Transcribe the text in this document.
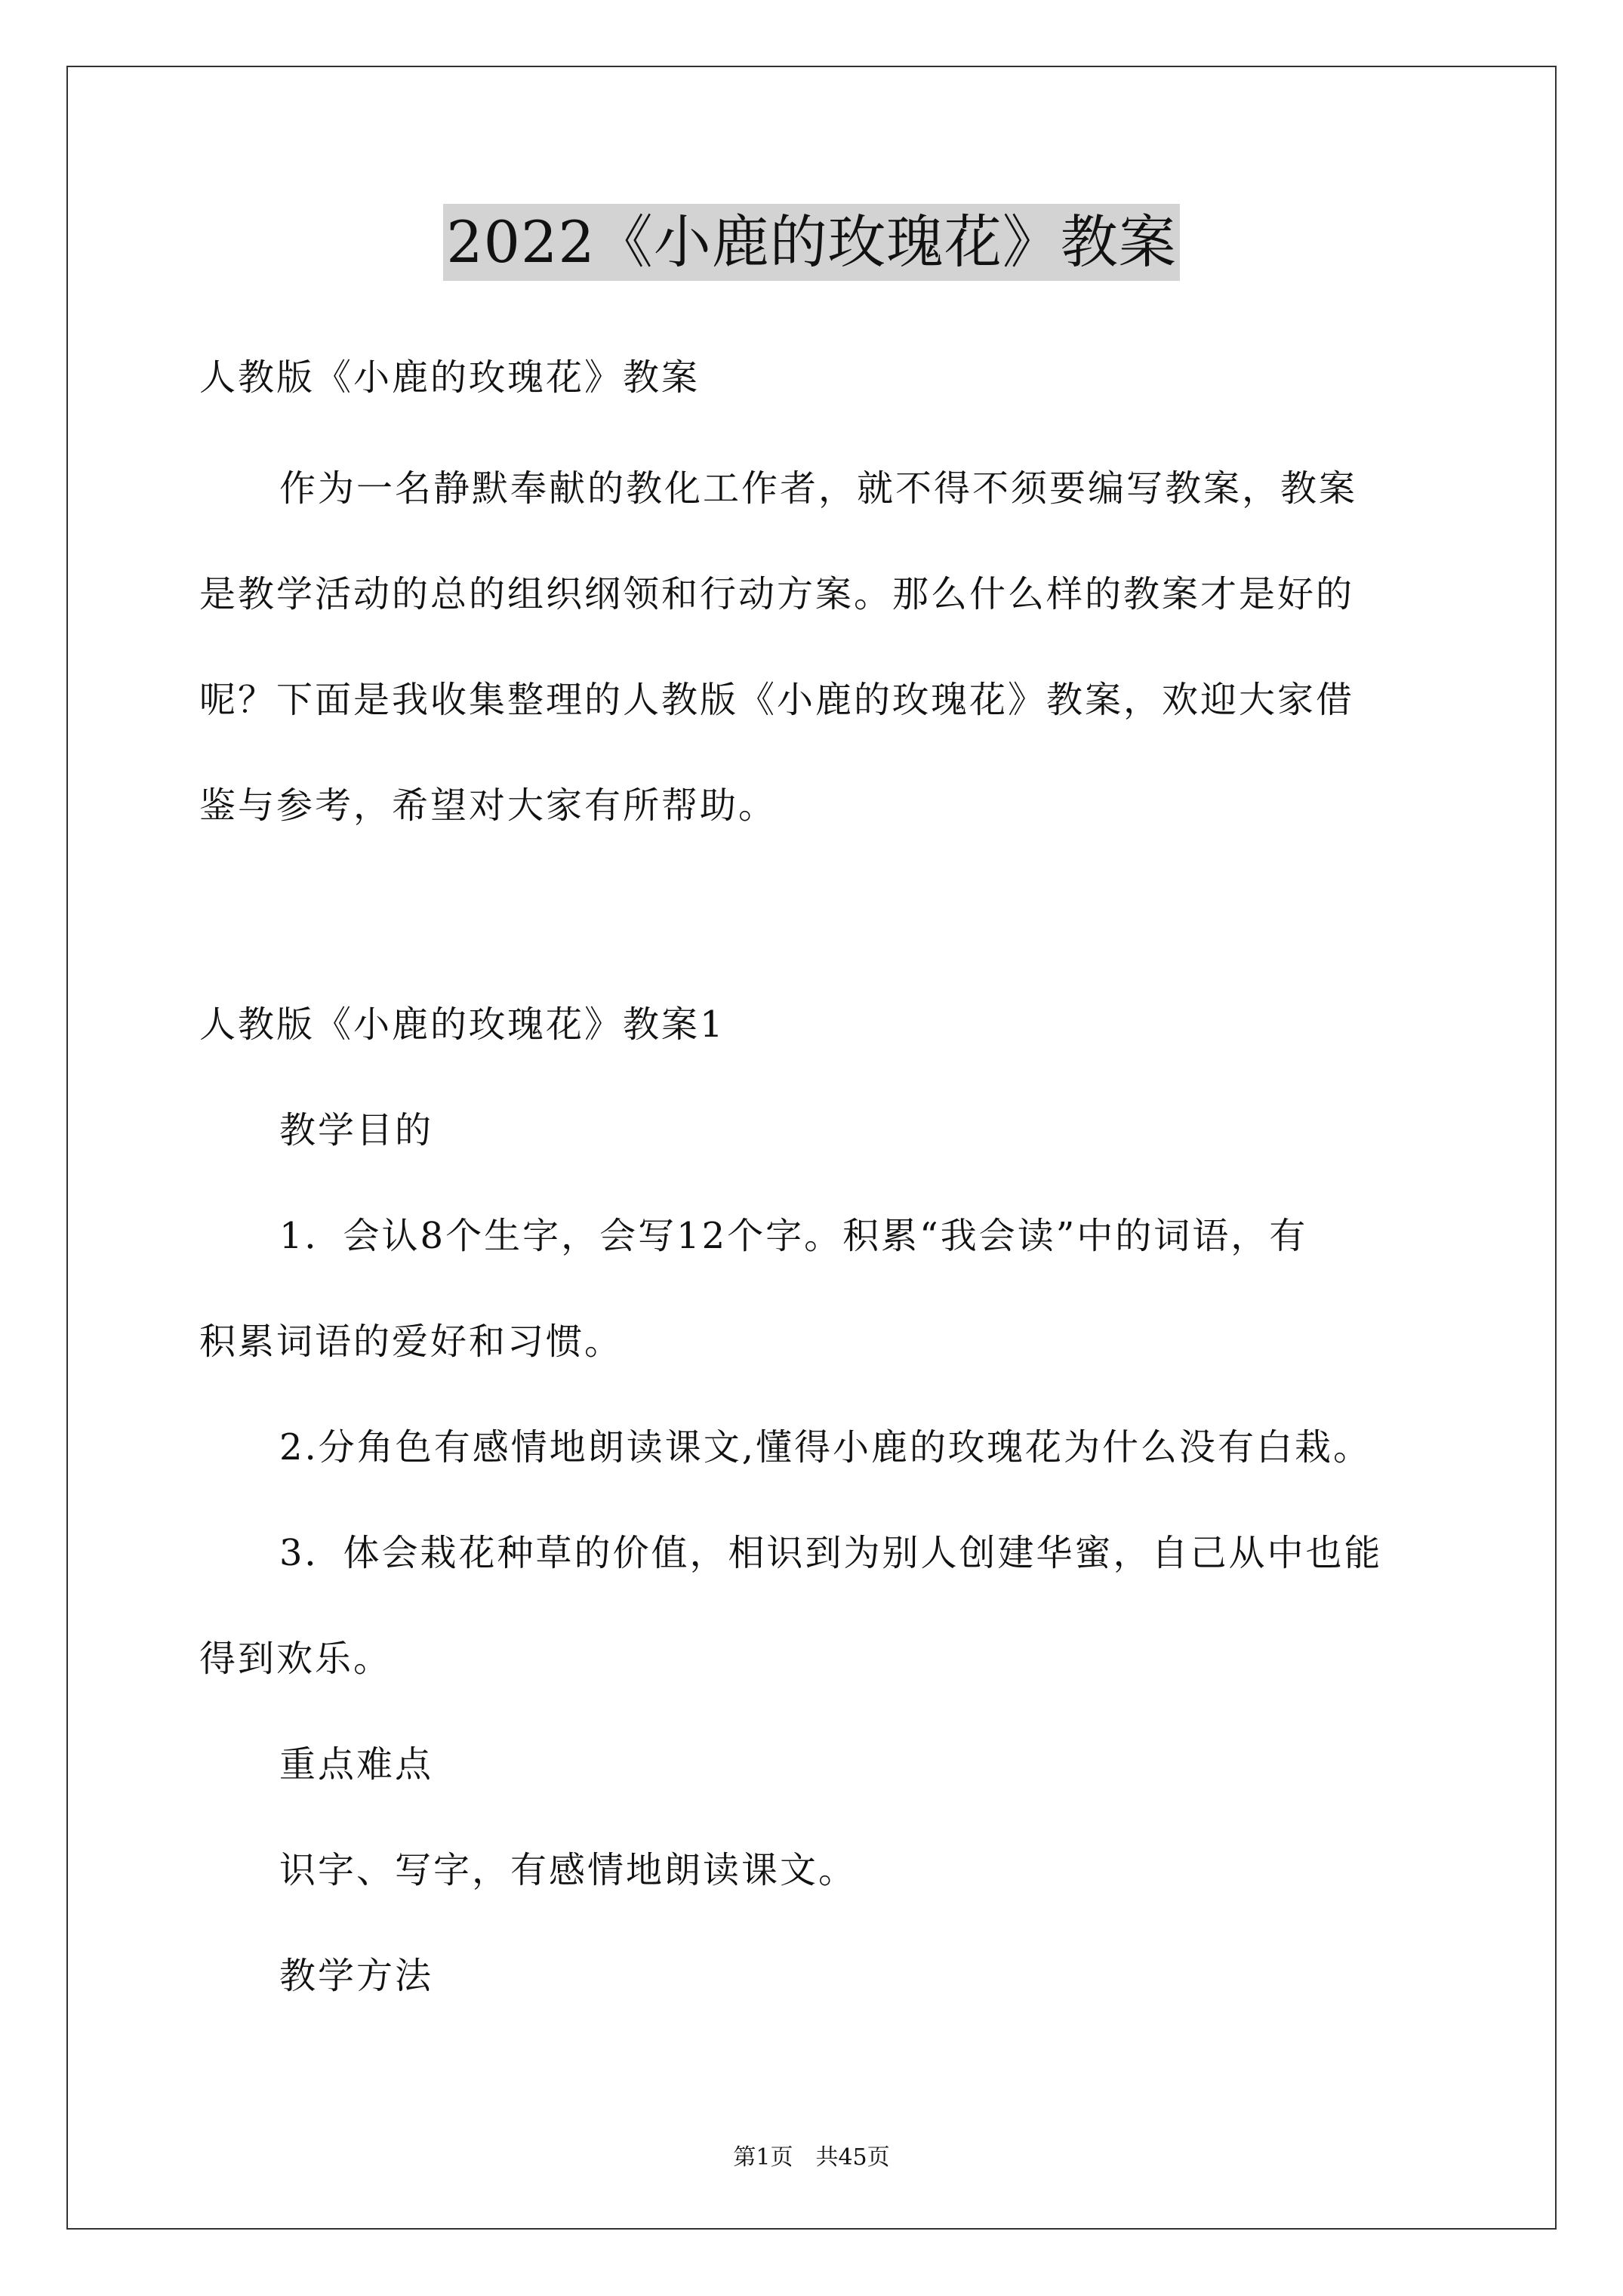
2022《小鹿的玫瑰花》教案
人教版《小鹿的玫瑰花》教案
作为一名静默奉献的教化工作者，就不得不须要编写教案，教案
是教学活动的总的组织纲领和行动方案。那么什么样的教案才是好的
呢？下面是我收集整理的人教版《小鹿的玫瑰花》教案，欢迎大家借
鉴与参考，希望对大家有所帮助。
人教版《小鹿的玫瑰花》教案1
教学目的
1．会认8个生字，会写12个字。积累“我会读”中的词语，有
积累词语的爱好和习惯。
2.分角色有感情地朗读课文,懂得小鹿的玫瑰花为什么没有白栽。
3．体会栽花种草的价值，相识到为别人创建华蜜，自己从中也能
得到欢乐。
重点难点
识字、写字，有感情地朗读课文。
教学方法
第1页　共45页
